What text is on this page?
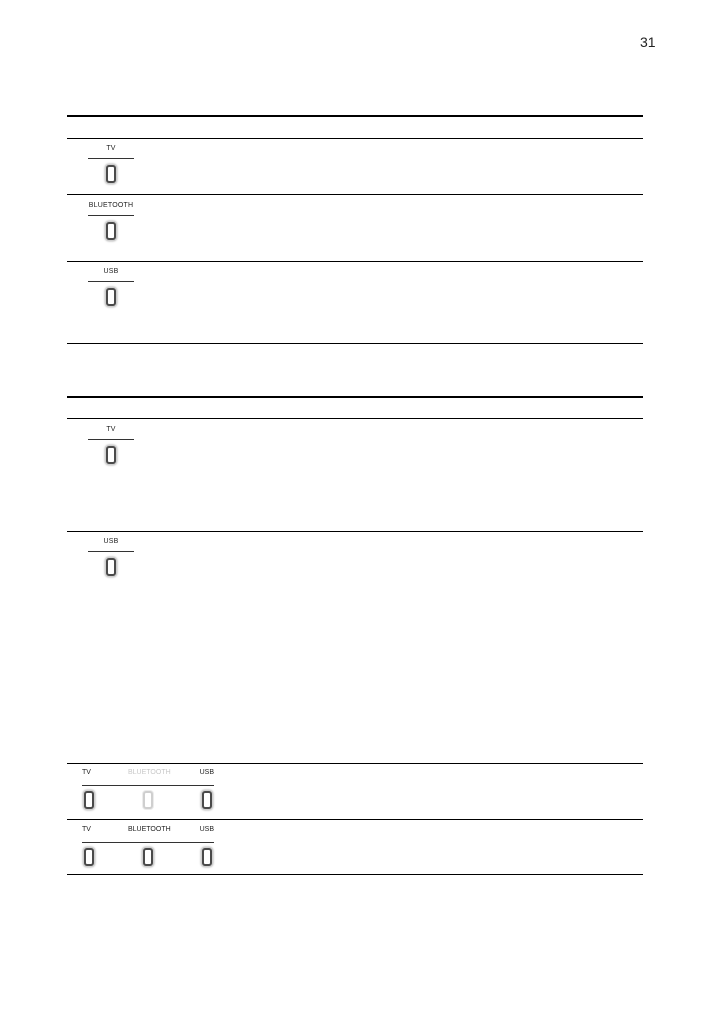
31
TV
BLUETOOTH
USB
TV
USB
TV	BLUETOOTH	USB
TV	BLUETOOTH	USB
